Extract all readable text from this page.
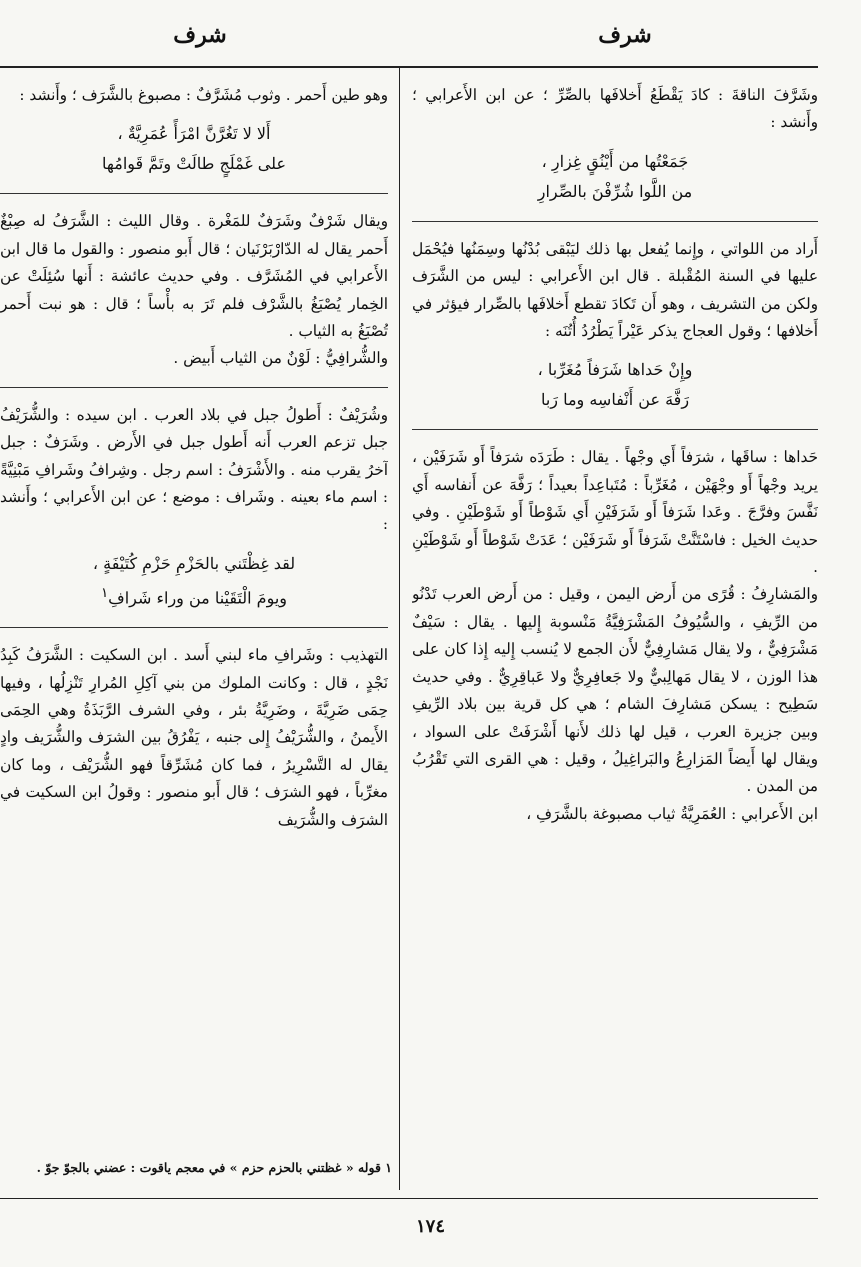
شرف
شرف

وشَرَّفَ الناقةَ : كادَ يَقْطَعُ أَخلافَها بالصِّرِّ ؛ عن ابن الأَعرابي ؛ وأَنشد :

جَمَعْتُها من أَيْنُقٍ غِزارِ ،
من اللَّوا شُرِّفْنَ بالصِّرارِ

أَراد من اللواتي ، وإِنما يُفعل بها ذلك ليَبْقى بُدْنُها وسِمَنُها فيُحْمَل عليها في السنة المُقْبلة . قال ابن الأَعرابي : ليس من الشَّرَف ولكن من التشريف ، وهو أَن تَكادَ تقطع أَخلافَها بالصِّرار فيؤثر في أَخلافها ؛ وقول العجاج يذكر عَيْراً يَطْرُدُ أُتُنَه :

وإِنْ حَداها شَرَفاً مُغَرِّبا ،
رَفَّهَ عن أَنْفاسِه وما رَبا

حَداها : ساقَها ، شرَفاً أَي وجْهاً . يقال : طَرَدَه شرَفاً أَو شَرَفَيْن ، يريد وجْهاً أَو وجْهَيْن ، مُغَرِّباً : مُتَباعِداً بعيداً ؛ رَفَّهَ عن أَنفاسه أَي نَفَّسَ وفرَّجَ . وعَدا شَرَفاً أَو شَرَفَيْنِ أَي شَوْطاً أَو شَوْطَيْنِ . وفي حديث الخيل : فاسْتَنَّتْ شَرَفاً أَو شَرَفَيْن ؛ عَدَتْ شَوْطاً أَو شَوْطَيْنِ .

والمَشارِفُ : قُرًى من أَرض اليمن ، وقيل : من أَرض العرب تَدْنُو من الرِّيفِ ، والسُّيُوفُ المَشْرَفِيَّةُ مَنْسوبة إِليها . يقال : سَيْفٌ مَشْرَفِيٌّ ، ولا يقال مَشارِفِيٌّ لأَن الجمع لا يُنسب إِليه إِذا كان على هذا الوزن ، لا يقال مَهالِبيٌّ ولا جَعافِرِيٌّ ولا عَباقِرِيٌّ . وفي حديث سَطِيح : يسكن مَشارِفَ الشام ؛ هي كل قرية بين بلاد الرِّيفِ وبين جزيرة العرب ، قيل لها ذلك لأَنها أَشْرَفَتْ على السواد ، ويقال لها أَيضاً المَزارِعُ والبَراغِيلُ ، وقيل : هي القرى التي تَقْرُبُ من المدن .

ابن الأَعرابي : العُمَرِيَّةُ ثياب مصبوغة بالشَّرَفِ ،

وهو طين أَحمر . وثوب مُشَرَّفٌ : مصبوغ بالشَّرَف ؛ وأَنشد :

أَلا لا تَغُرَّنَّ امْرَأً عُمَرِيَّةٌ ،
على غَمْلَجٍ طالَتْ وتَمَّ قَوامُها

ويقال شَرْفٌ وشَرَفٌ للمَغْرة . وقال الليث : الشَّرَفُ له صِبْغٌ أَحمر يقال له الدّارْبَرْنَيان ؛ قال أَبو منصور : والقول ما قال ابن الأَعرابي في المُشَرَّف . وفي حديث عائشة : أَنها سُئِلَتْ عن الخِمار يُصْبَغُ بالشَّرْف فلم تَرَ به بأْساً ؛ قال : هو نبت أَحمر تُصْبَغُ به الثياب .

والشُّرافِيُّ : لَوْنٌ من الثياب أَبيض .

وشُرَيْفٌ : أَطولُ جبل في بلاد العرب . ابن سيده : والشُّرَيْفُ جبل تزعم العرب أَنه أَطول جبل في الأَرض . وشَرَفٌ : جبل آخرُ يقرب منه . والأَشْرَفُ : اسم رجل . وشِرافُ وشَرافِ مَبْنِيَّةً : اسم ماء بعينه . وشَراف : موضع ؛ عن ابن الأَعرابي ؛ وأَنشد :

لقد غِظْتَني بالحَزْمِ حَزْمِ كُتَيْفَةٍ ،
ويومَ الْتَقَيْنا من وراء شَرافِ$^١$

التهذيب : وشَرافِ ماء لبني أَسد . ابن السكيت : الشَّرَفُ كَبِدُ نَجْدٍ ، قال : وكانت الملوك من بني آكِلِ المُرارِ تَنْزِلُها ، وفيها حِمَى ضَرِيَّةَ ، وضَرِيَّةُ بئر ، وفي الشرف الرَّبَذَةُ وهي الحِمَى الأَيمنُ ، والشُّرَيْفُ إِلى جنبه ، يَفْرُقُ بين الشرَف والشُّرَيف وادٍ يقال له التَّسْرِيرُ ، فما كان مُشَرِّقاً فهو الشُّرَيْف ، وما كان مغرِّباً ، فهو الشرَف ؛ قال أَبو منصور : وقولُ ابن السكيت في الشرَف والشُّرَيف

١ قوله « غظتني بالحزم حزم » في معجم ياقوت : عضني بالجوّ جوّ .
١٧٤
